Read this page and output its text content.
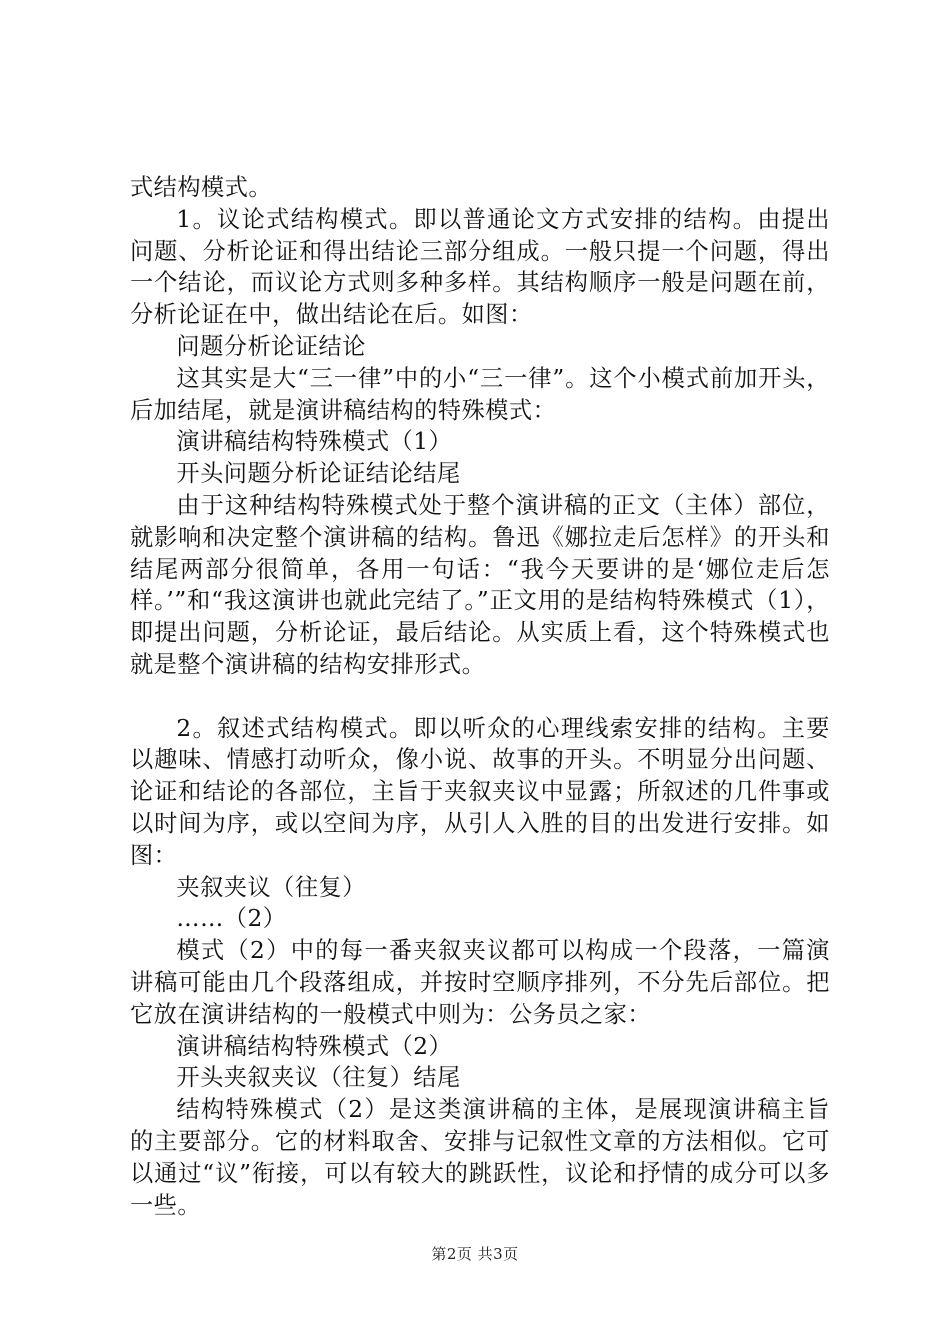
式结构模式。

1。议论式结构模式。即以普通论文方式安排的结构。由提出问题、分析论证和得出结论三部分组成。一般只提一个问题，得出一个结论，而议论方式则多种多样。其结构顺序一般是问题在前，分析论证在中，做出结论在后。如图：

问题分析论证结论

这其实是大“三一律”中的小“三一律”。这个小模式前加开头，后加结尾，就是演讲稿结构的特殊模式：

演讲稿结构特殊模式（1）

开头问题分析论证结论结尾

由于这种结构特殊模式处于整个演讲稿的正文（主体）部位，就影响和决定整个演讲稿的结构。鲁迅《娜拉走后怎样》的开头和结尾两部分很简单，各用一句话：“我今天要讲的是‘娜位走后怎样。’”和“我这演讲也就此完结了。”正文用的是结构特殊模式（1），即提出问题，分析论证，最后结论。从实质上看，这个特殊模式也就是整个演讲稿的结构安排形式。

2。叙述式结构模式。即以听众的心理线索安排的结构。主要以趣味、情感打动听众，像小说、故事的开头。不明显分出问题、论证和结论的各部位，主旨于夹叙夹议中显露；所叙述的几件事或以时间为序，或以空间为序，从引人入胜的目的出发进行安排。如图：

夹叙夹议（往复）

……（2）

模式（2）中的每一番夹叙夹议都可以构成一个段落，一篇演讲稿可能由几个段落组成，并按时空顺序排列，不分先后部位。把它放在演讲结构的一般模式中则为：公务员之家：

演讲稿结构特殊模式（2）

开头夹叙夹议（往复）结尾

结构特殊模式（2）是这类演讲稿的主体，是展现演讲稿主旨的主要部分。它的材料取舍、安排与记叙性文章的方法相似。它可以通过“议”衔接，可以有较大的跳跃性，议论和抒情的成分可以多一些。

第2页 共3页
